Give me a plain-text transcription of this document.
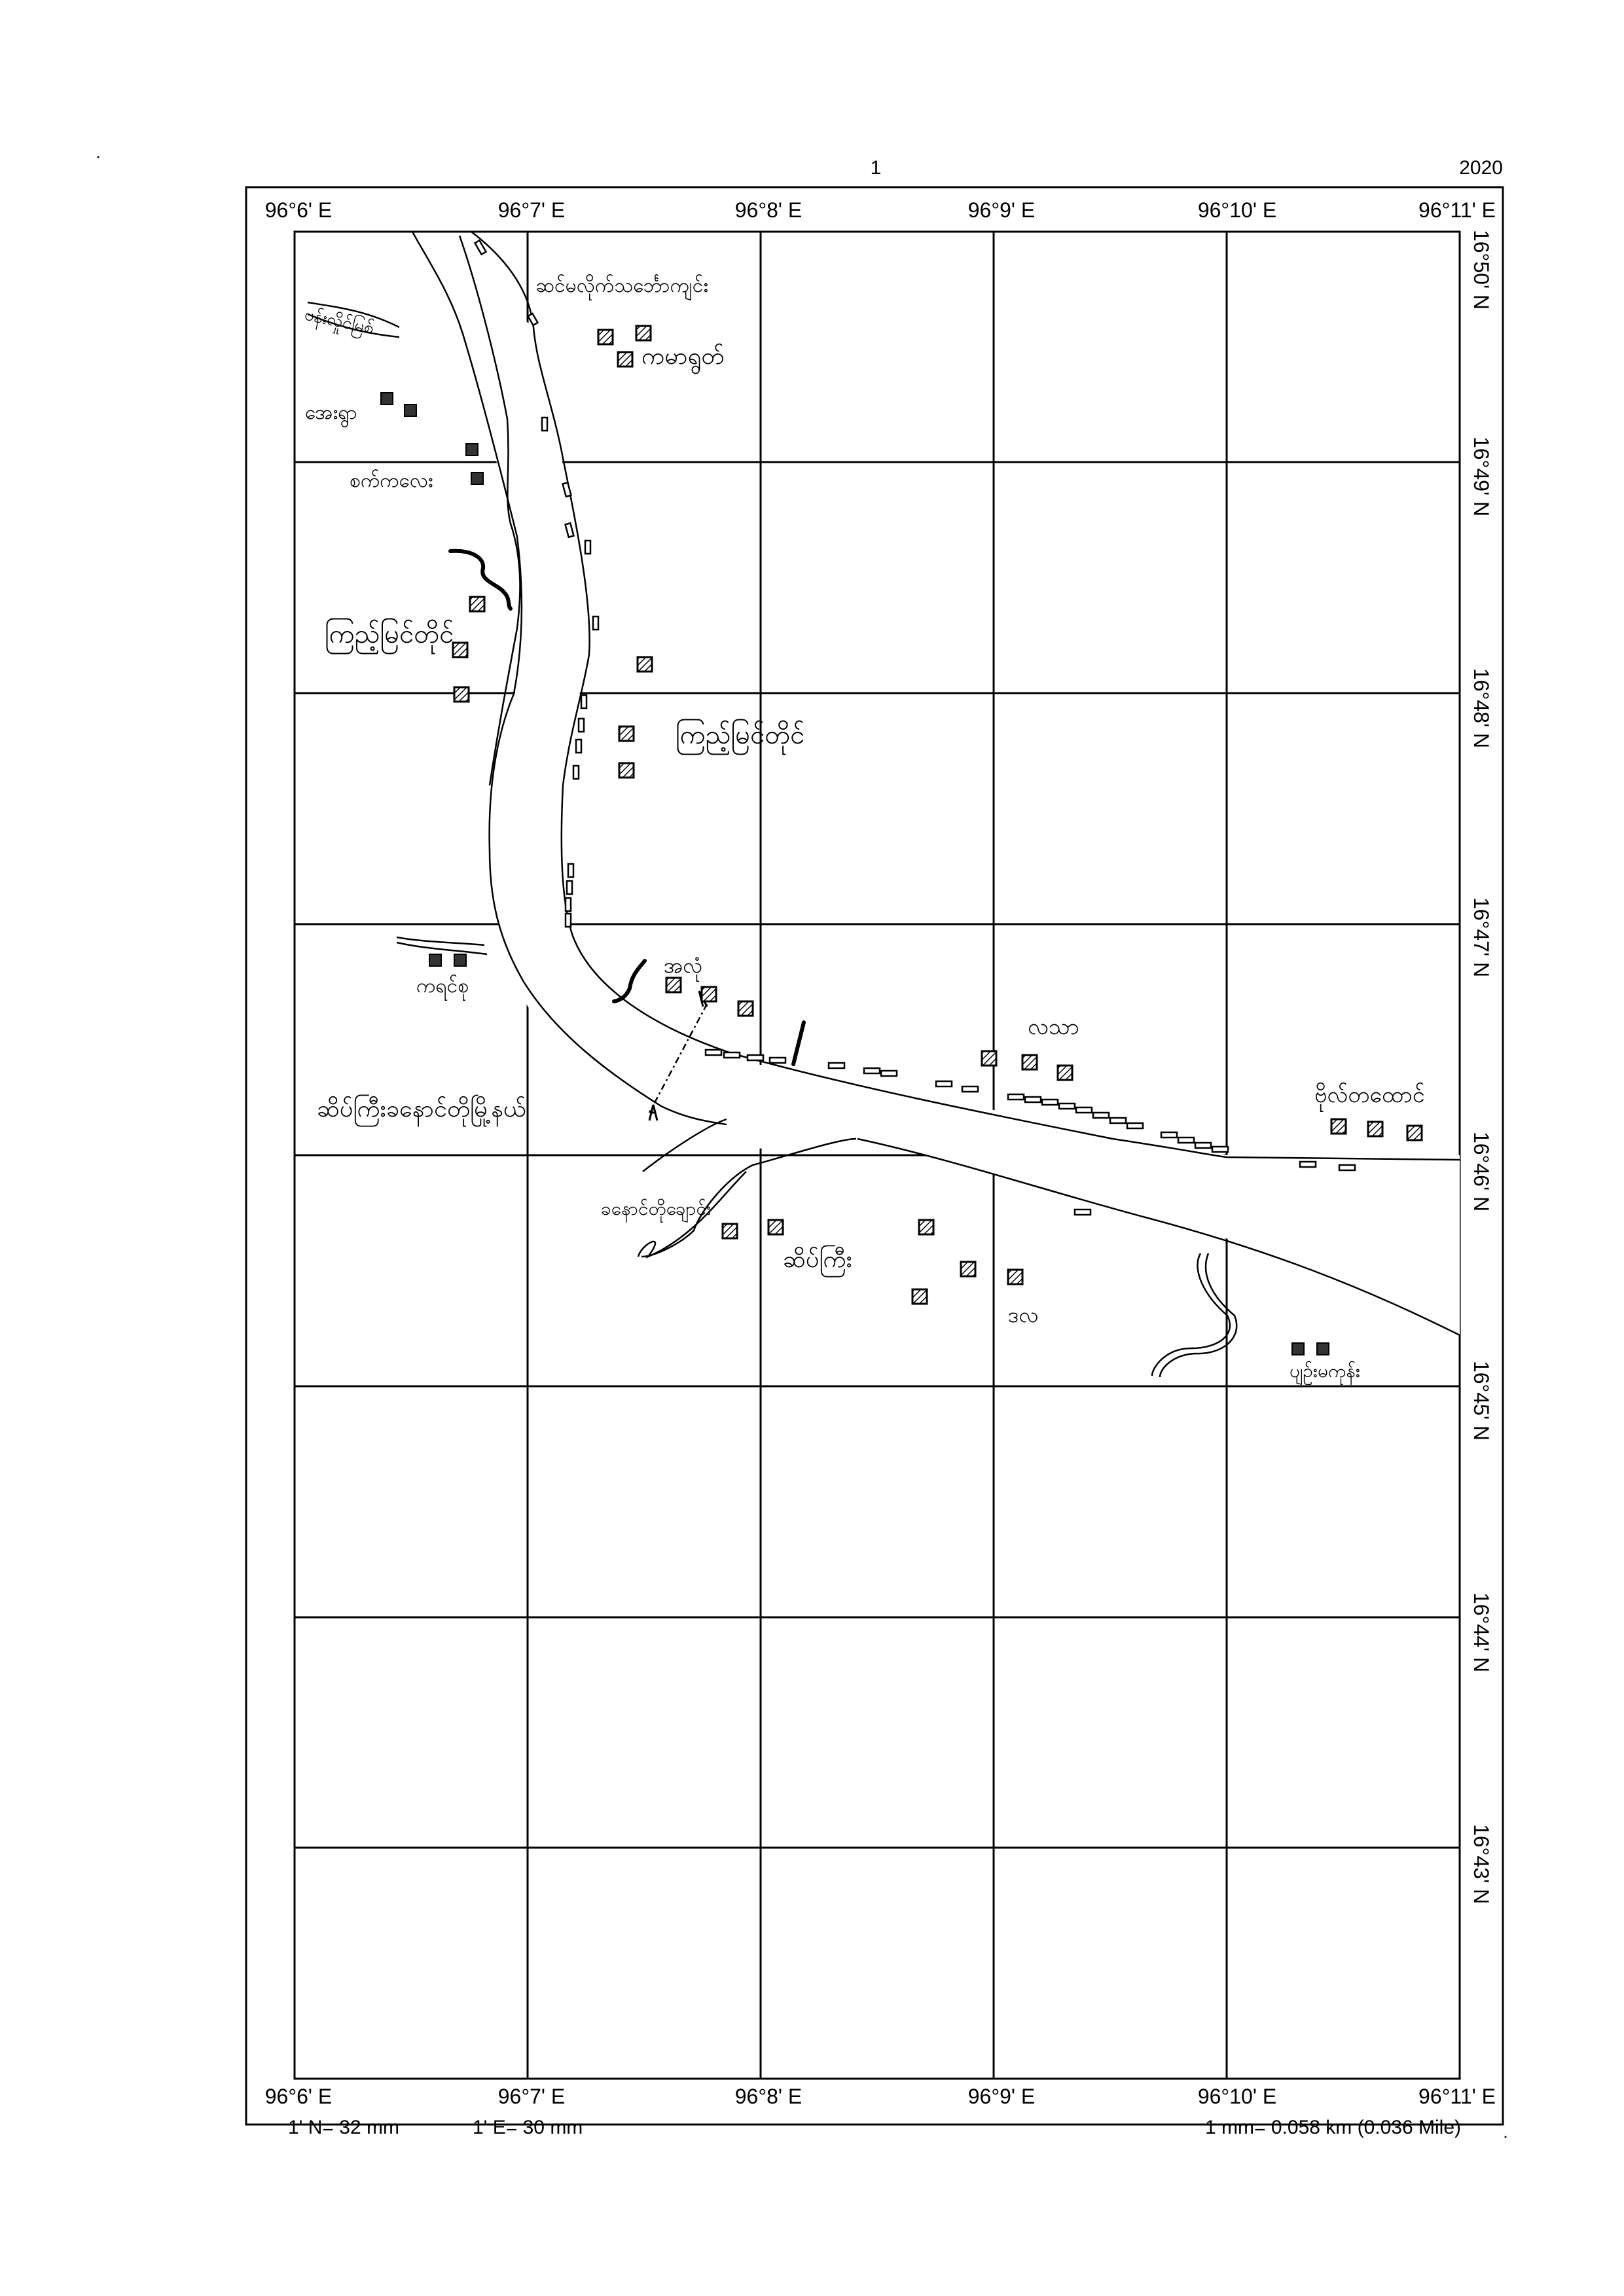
1	2020
96°6' E	96°7' E	96°8' E	96°9' E	96°10' E	96°11' E
96°6' E	96°7' E	96°8' E	96°9' E	96°10' E	96°11' E
16°50' N
16°49' N
16°48' N
16°47' N
16°46' N
16°45' N
16°44' N
16°43' N
ပန်းလှိုင်မြစ်
ဆင်မလိုက်သင်္ဘောကျင်း
ကမာရွတ်
အေးရွာ
စက်ကလေး
ကြည့်မြင်တိုင်
ကြည့်မြင်တိုင်
အလုံ
ကရင်စု
လသာ
ဆိပ်ကြီးခနောင်တိုမြို့နယ်
ဗိုလ်တထောင်
ခနောင်တိုချောင်း
ဆိပ်ကြီး
ဒလ
ပျဉ်းမကုန်း
1' N= 32 mm	1' E= 30 mm	1 mm= 0.058 km (0.036 Mile)
